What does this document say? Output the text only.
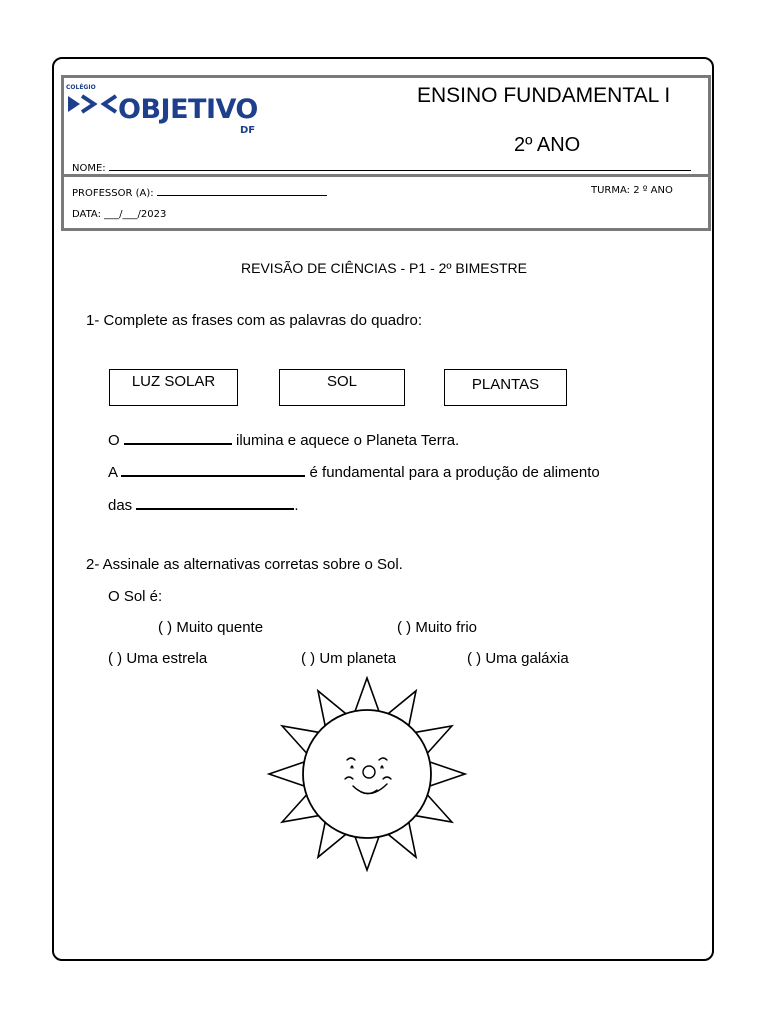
COLÉGIO
OBJETIVO
DF
ENSINO FUNDAMENTAL I
2º ANO
NOME:
PROFESSOR (A):	TURMA: 2 º ANO
DATA: ___/___/2023
REVISÃO DE CIÊNCIAS - P1 - 2º BIMESTRE
1- Complete as frases com as palavras do quadro:
LUZ SOLAR	SOL	PLANTAS
O	ilumina e aquece o Planeta Terra.
A	é fundamental para a produção de alimento
das	.
2- Assinale as alternativas corretas sobre o Sol.
O Sol é:
( ) Muito quente	( ) Muito frio
( ) Uma estrela	( ) Um planeta	( ) Uma galáxia
